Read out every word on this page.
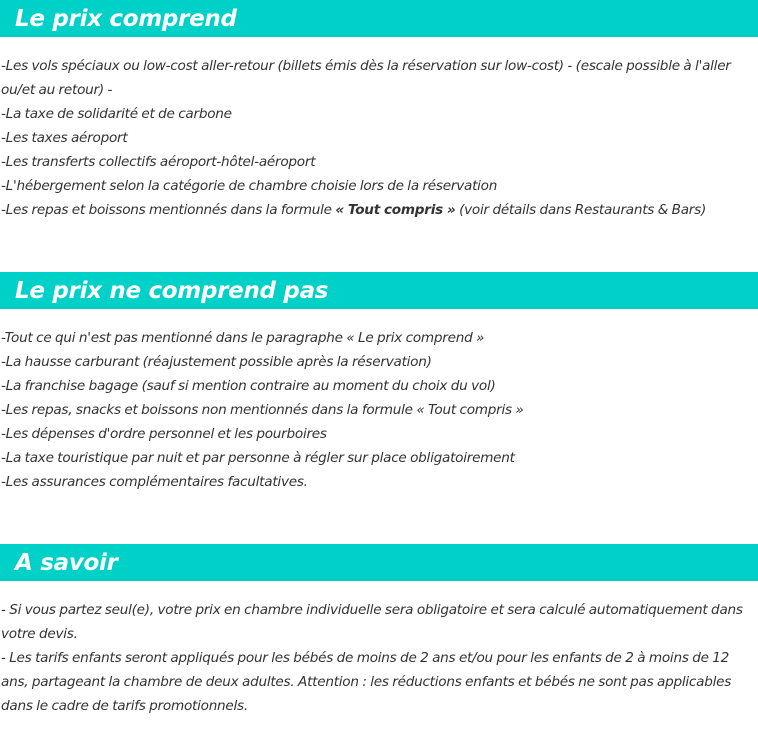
Le prix comprend
-Les vols spéciaux ou low-cost aller-retour (billets émis dès la réservation sur low-cost) - (escale possible à l'aller ou/et au retour) -
-La taxe de solidarité et de carbone
-Les taxes aéroport
-Les transferts collectifs aéroport-hôtel-aéroport
-L'hébergement selon la catégorie de chambre choisie lors de la réservation
-Les repas et boissons mentionnés dans la formule « Tout compris » (voir détails dans Restaurants & Bars)
Le prix ne comprend pas
-Tout ce qui n'est pas mentionné dans le paragraphe « Le prix comprend »
-La hausse carburant (réajustement possible après la réservation)
-La franchise bagage (sauf si mention contraire au moment du choix du vol)
-Les repas, snacks et boissons non mentionnés dans la formule « Tout compris »
-Les dépenses d'ordre personnel et les pourboires
-La taxe touristique par nuit et par personne à régler sur place obligatoirement
-Les assurances complémentaires facultatives.
A savoir
- Si vous partez seul(e), votre prix en chambre individuelle sera obligatoire et sera calculé automatiquement dans votre devis.
- Les tarifs enfants seront appliqués pour les bébés de moins de 2 ans et/ou pour les enfants de 2 à moins de 12 ans, partageant la chambre de deux adultes. Attention : les réductions enfants et bébés ne sont pas applicables dans le cadre de tarifs promotionnels.
